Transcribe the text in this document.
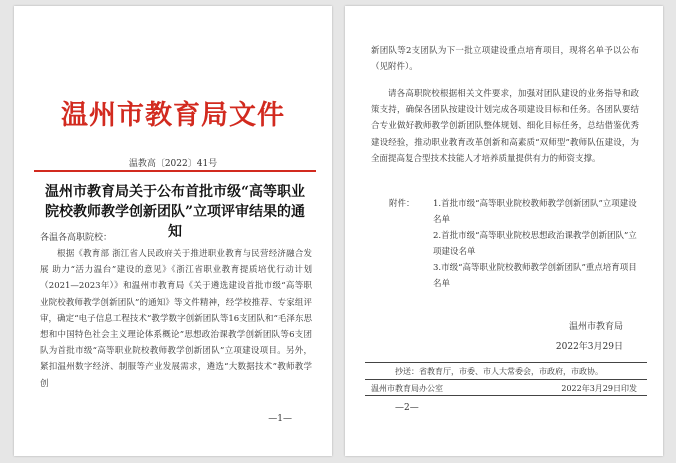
温州市教育局文件
温教高〔2022〕41号
温州市教育局关于公布首批市级“高等职业院校教师教学创新团队”立项评审结果的通知
各温各高职院校：

根据《教育部 浙江省人民政府关于推进职业教育与民营经济融合发展 助力“活力温台”建设的意见》《浙江省职业教育提质培优行动计划（2021—2023年）》和温州市教育局《关于遴选建设首批市级“高等职业院校教师教学创新团队”的通知》等文件精神，经学校推荐、专家组评审，确定“电子信息工程技术”教学数字创新团队等16支团队和“毛泽东思想和中国特色社会主义理论体系概论”思想政治课教学创新团队等6支团队为首批市级“高等职业院校教师教学创新团队”立项建设项目。另外，紧扣温州数字经济、制服等产业发展需求，遴选“大数据技术”教师教学创

—1—

新团队等2支团队为下一批立项建设重点培育项目，现将名单予以公布（见附件）。

请各高职院校根据相关文件要求，加强对团队建设的业务指导和政策支持，确保各团队按建设计划完成各项建设目标和任务。各团队要结合专业做好教师教学创新团队整体规划、细化目标任务，总结借鉴优秀建设经验，推动职业教育改革创新和高素质“双师型”教师队伍建设，为全面提高复合型技术技能人才培养质量提供有力的师资支撑。

附件： 1.首批市级“高等职业院校教师教学创新团队”立项建设名单
2.首批市级“高等职业院校思想政治课教学创新团队”立项建设名单
3.市级“高等职业院校教师教学创新团队”重点培育项目名单
温州市教育局
2022年3月29日
抄送：省教育厅，市委、市人大常委会，市政府，市政协。
温州市教育局办公室	2022年3月29日印发
—2—
